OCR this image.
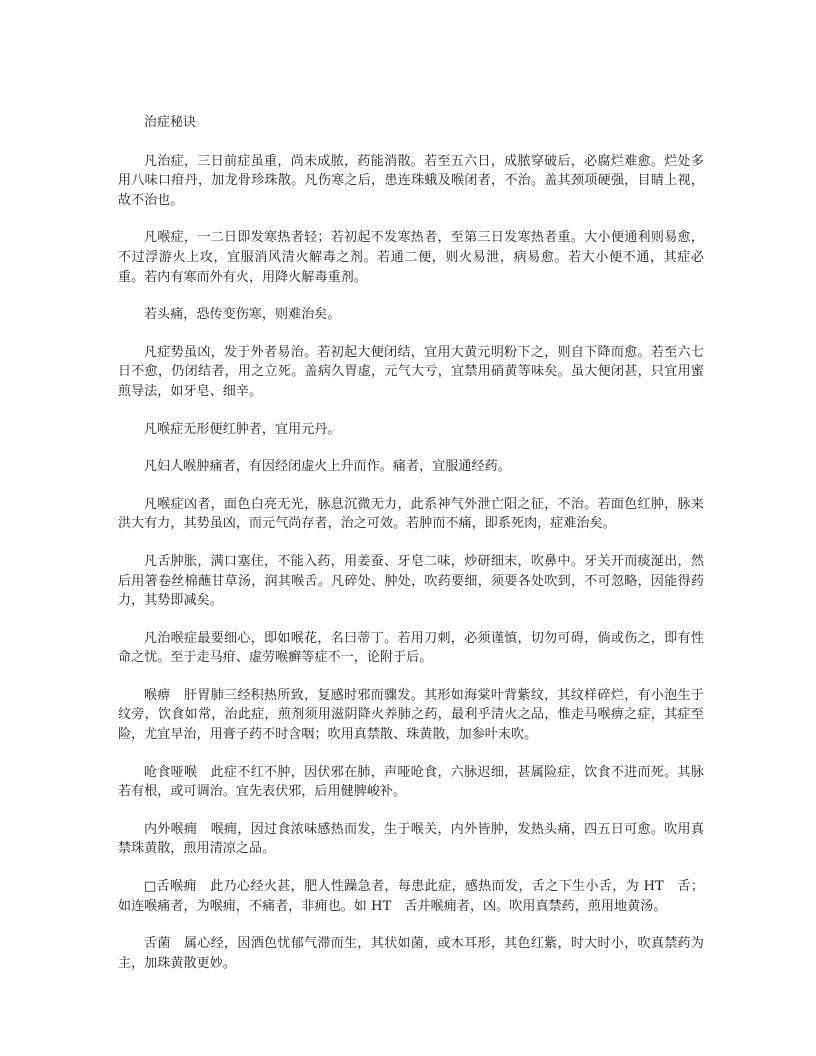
治症秘诀

凡治症，三日前症虽重，尚未成脓，药能消散。若至五六日，成脓穿破后，必腐烂难愈。烂处多用八味口疳丹，加龙骨珍珠散。凡伤寒之后，患连珠蛾及喉闭者，不治。盖其颈项硬强，目睛上视，故不治也。

凡喉症，一二日即发寒热者轻；若初起不发寒热者，至第三日发寒热者重。大小便通利则易愈，不过浮游火上攻，宜服消风清火解毒之剂。若通二便，则火易泄，病易愈。若大小便不通，其症必重。若内有寒而外有火，用降火解毒重剂。

若头痛，恐传变伤寒，则难治矣。

凡症势虽凶，发于外者易治。若初起大便闭结，宜用大黄元明粉下之，则自下降而愈。若至六七日不愈，仍闭结者，用之立死。盖病久胃虚，元气大亏，宜禁用硝黄等味矣。虽大便闭甚，只宜用蜜煎导法，如牙皂、细辛。

凡喉症无形便红肿者，宜用元丹。

凡妇人喉肿痛者，有因经闭虚火上升而作。痛者，宜服通经药。

凡喉症凶者，面色白亮无光，脉息沉微无力，此系神气外泄亡阳之征，不治。若面色红肿，脉来洪大有力，其势虽凶，而元气尚存者，治之可效。若肿而不痛，即系死肉，症难治矣。

凡舌肿胀，满口塞住，不能入药，用姜蚕、牙皂二味，炒研细末，吹鼻中。牙关开而痰涎出，然后用箸卷丝棉蘸甘草汤，润其喉舌。凡碎处、肿处，吹药要细，须要各处吹到，不可忽略，因能得药力，其势即减矣。

凡治喉症最要细心，即如喉花，名曰蒂丁。若用刀刺，必须谨慎，切勿可碍，倘或伤之，即有性命之忧。至于走马疳、虚劳喉癣等症不一，论附于后。

喉痹　肝胃肺三经积热所致，复感时邪而骤发。其形如海棠叶背紫纹，其纹样碎烂，有小泡生于纹旁，饮食如常，治此症，煎剂须用滋阴降火养肺之药，最利乎清火之品，惟走马喉痹之症，其症至险，尤宜早治，用膏子药不时含咽；吹用真禁散、珠黄散，加参叶末吹。

呛食哑喉　此症不红不肿，因伏邪在肺，声哑呛食，六脉迟细，甚属险症，饮食不进而死。其脉若有根，或可调治。宜先表伏邪，后用健脾峻补。

内外喉痈　喉痈，因过食浓味感热而发，生于喉关，内外皆肿，发热头痛，四五日可愈。吹用真禁珠黄散，煎用清凉之品。

□舌喉痈　此乃心经火甚，肥人性躁急者，每患此症，感热而发，舌之下生小舌，为 HT　舌；如连喉痛者，为喉痈，不痛者，非痈也。如 HT　舌并喉痈者，凶。吹用真禁药，煎用地黄汤。

舌菌　属心经，因酒色忧郁气滞而生，其状如菌，或木耳形，其色红紫，时大时小，吹真禁药为主，加珠黄散更妙。
